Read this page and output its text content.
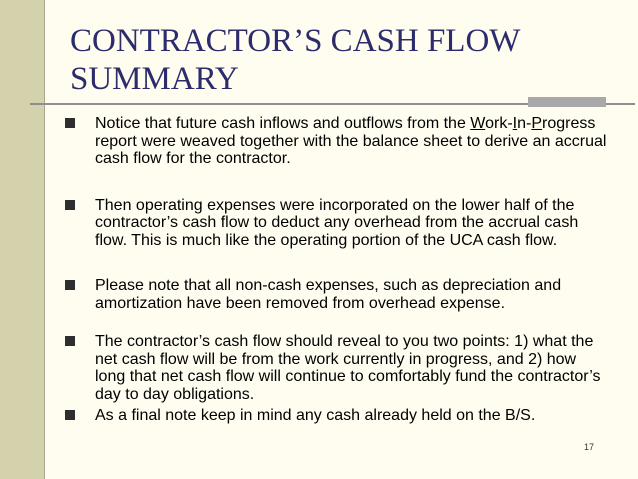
CONTRACTOR’S CASH FLOW SUMMARY
Notice that future cash inflows and outflows from the Work-In-Progress report were weaved together with the balance sheet to derive an accrual cash flow for the contractor.
Then operating expenses were incorporated on the lower half of the contractor’s cash flow to deduct any overhead from the accrual cash flow. This is much like the operating portion of the UCA cash flow.
Please note that all non-cash expenses, such as depreciation and amortization have been removed from overhead expense.
The contractor’s cash flow should reveal to you two points: 1) what the net cash flow will be from the work currently in progress, and 2) how long that net cash flow will continue to comfortably fund the contractor’s day to day obligations.
As a final note keep in mind any cash already held on the B/S.
17
